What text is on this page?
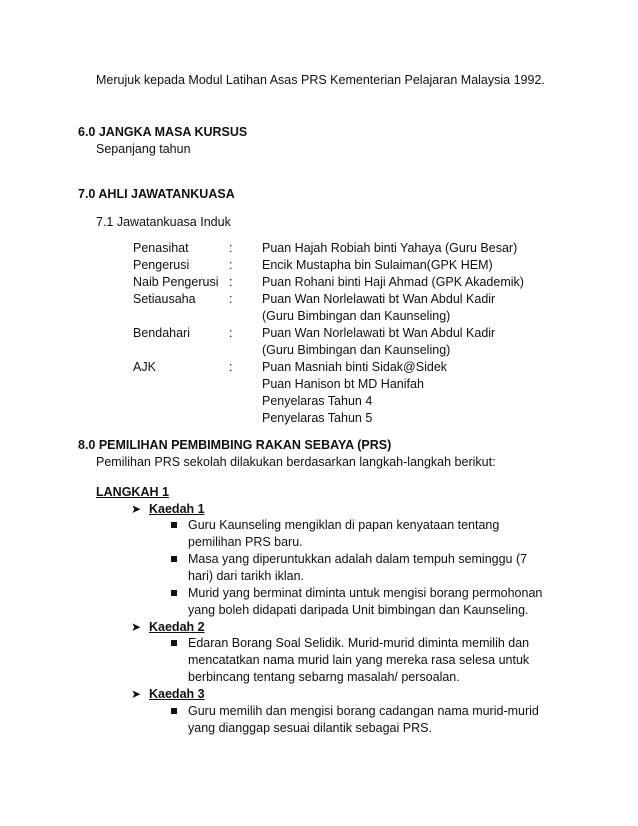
Merujuk kepada Modul Latihan Asas PRS Kementerian Pelajaran Malaysia 1992.
6.0 JANGKA MASA KURSUS
Sepanjang tahun
7.0 AHLI JAWATANKUASA
7.1 Jawatankuasa Induk
Penasihat	: Puan Hajah Robiah binti Yahaya (Guru Besar)
Pengerusi	: Encik Mustapha bin Sulaiman(GPK HEM)
Naib Pengerusi : Puan Rohani binti Haji Ahmad (GPK Akademik)
Setiausaha	: Puan Wan Norlelawati bt Wan Abdul Kadir
(Guru Bimbingan dan Kaunseling)
Bendahari	: Puan Wan Norlelawati bt Wan Abdul Kadir
(Guru Bimbingan dan Kaunseling)
AJK	: Puan Masniah binti Sidak@Sidek
Puan Hanison bt MD Hanifah
Penyelaras Tahun 4
Penyelaras Tahun 5
8.0 PEMILIHAN PEMBIMBING RAKAN SEBAYA (PRS)
Pemilihan PRS sekolah dilakukan berdasarkan langkah-langkah berikut:
LANGKAH 1
➤ Kaedah 1
Guru Kaunseling mengiklan di papan kenyataan tentang
pemilihan PRS baru.
Masa yang diperuntukkan adalah dalam tempuh seminggu (7
hari) dari tarikh iklan.
Murid yang berminat diminta untuk mengisi borang permohonan
yang boleh didapati daripada Unit bimbingan dan Kaunseling.
➤ Kaedah 2
Edaran Borang Soal Selidik. Murid-murid diminta memilih dan
mencatatkan nama murid lain yang mereka rasa selesa untuk
berbincang tentang sebarng masalah/ persoalan.
➤ Kaedah 3
Guru memilih dan mengisi borang cadangan nama murid-murid
yang dianggap sesuai dilantik sebagai PRS.
